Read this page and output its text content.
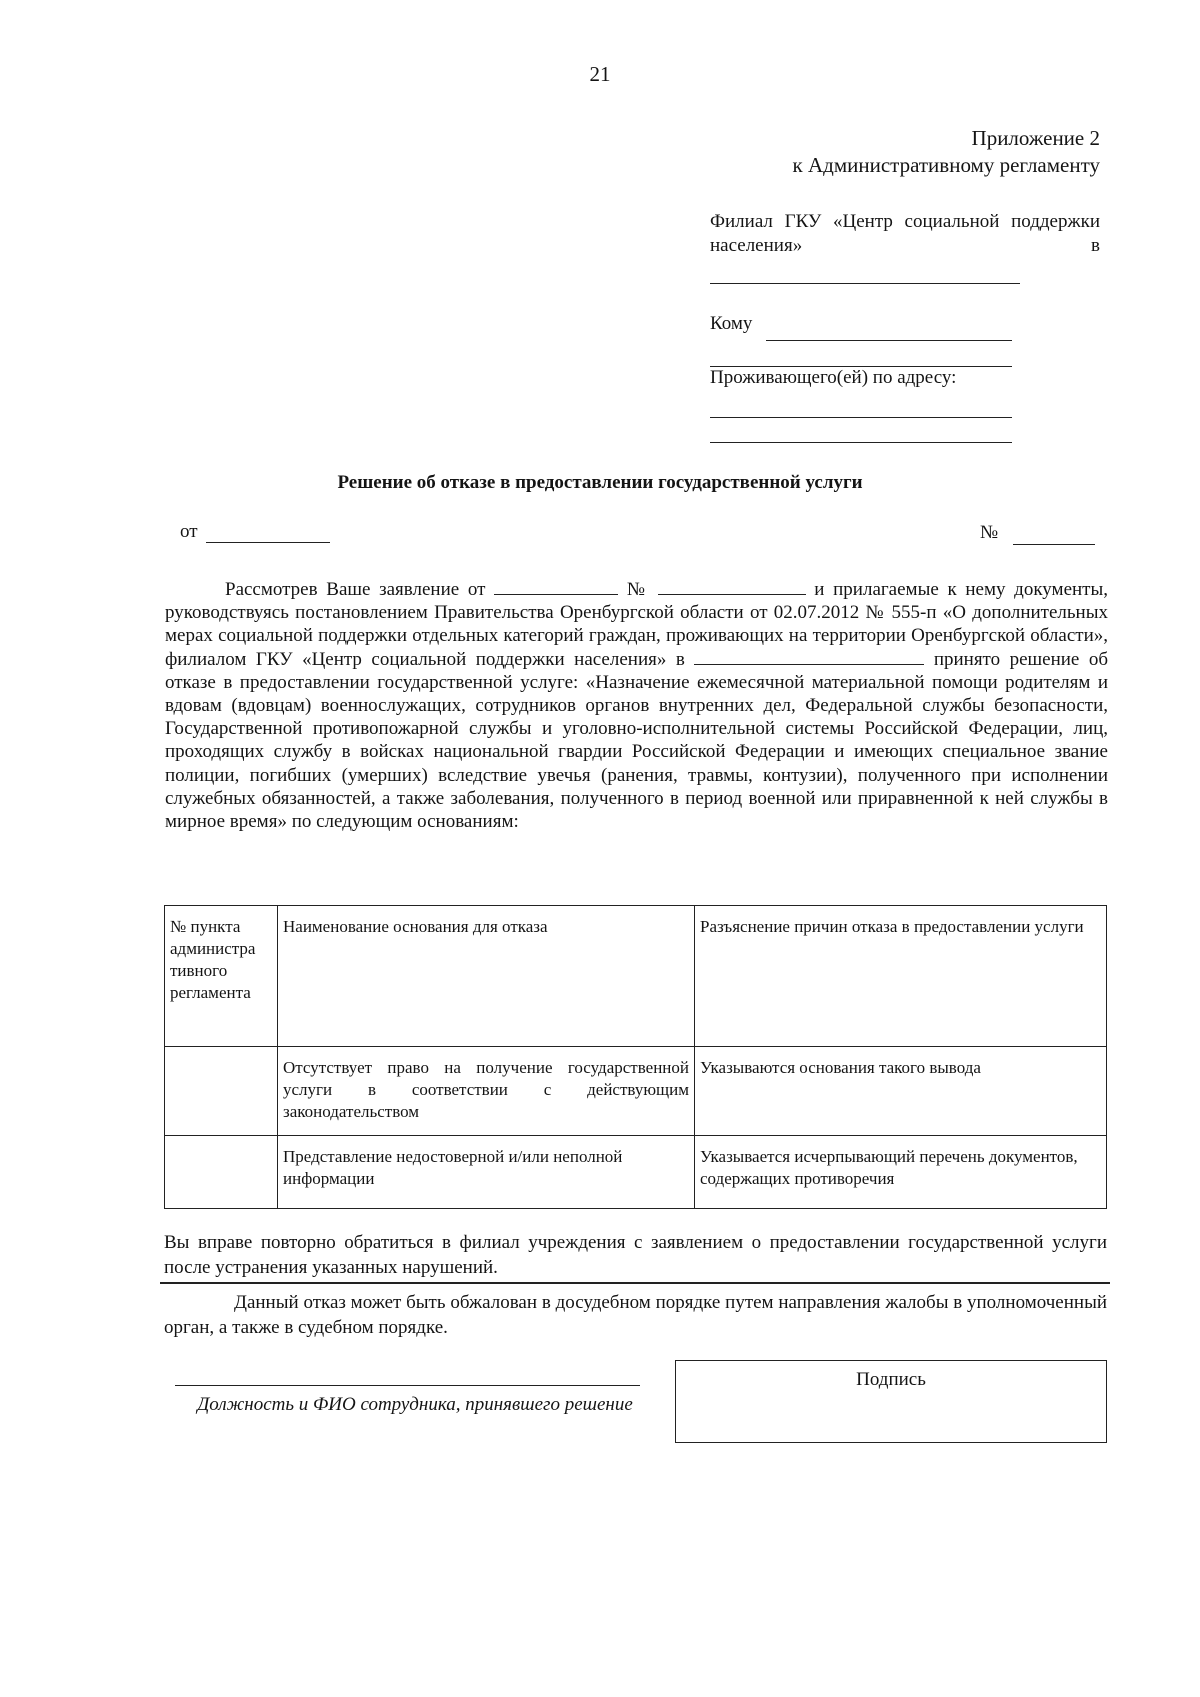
21
Приложение 2
к Административному регламенту
Филиал ГКУ «Центр социальной поддержки населения» в
Кому
Проживающего(ей) по адресу:
Решение об отказе в предоставлении государственной услуги
от	№

Рассмотрев Ваше заявление от	№	и прилагаемые к нему документы, руководствуясь постановлением Правительства Оренбургской области от 02.07.2012 № 555-п «О дополнительных мерах социальной поддержки отдельных категорий граждан, проживающих на территории Оренбургской области», филиалом ГКУ «Центр социальной поддержки населения» в	принято решение об отказе в предоставлении государственной услуге: «Назначение ежемесячной материальной помощи родителям и вдовам (вдовцам) военнослужащих, сотрудников органов внутренних дел, Федеральной службы безопасности, Государственной противопожарной службы и уголовно-исполнительной системы Российской Федерации, лиц, проходящих службу в войсках национальной гвардии Российской Федерации и имеющих специальное звание полиции, погибших (умерших) вследствие увечья (ранения, травмы, контузии), полученного при исполнении служебных обязанностей, а также заболевания, полученного в период военной или приравненной к ней службы в мирное время» по следующим основаниям:

№ пункта администра тивного регламента	Наименование основания для отказа	Разъяснение причин отказа в предоставлении услуги
	Отсутствует право на получение государственной услуги в соответствии с действующим законодательством	Указываются основания такого вывода
	Представление недостоверной и/или неполной информации	Указывается исчерпывающий перечень документов, содержащих противоречия

Вы вправе повторно обратиться в филиал учреждения с заявлением о предоставлении государственной услуги после устранения указанных нарушений.

Данный отказ может быть обжалован в досудебном порядке путем направления жалобы в уполномоченный орган, а также в судебном порядке.

Должность и ФИО сотрудника, принявшего решение
Подпись
